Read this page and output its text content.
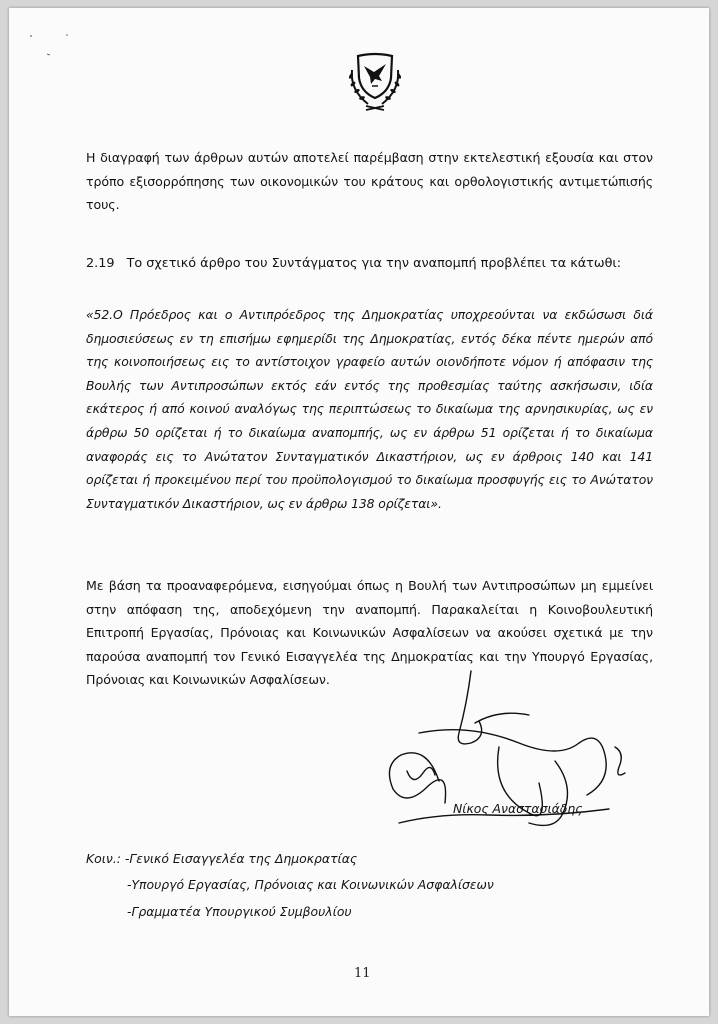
Η διαγραφή των άρθρων αυτών αποτελεί παρέμβαση στην εκτελεστική εξουσία και στον τρόπο εξισορρόπησης των οικονομικών του κράτους και ορθολογιστικής αντιμετώπισής τους.

2.19 Το σχετικό άρθρο του Συντάγματος για την αναπομπή προβλέπει τα κάτωθι:

«52.Ο Πρόεδρος και ο Αντιπρόεδρος της Δημοκρατίας υποχρεούνται να εκδώσωσι διά δημοσιεύσεως εν τη επισήμω εφημερίδι της Δημοκρατίας, εντός δέκα πέντε ημερών από της κοινοποιήσεως εις το αντίστοιχον γραφείο αυτών οιονδήποτε νόμον ή απόφασιν της Βουλής των Αντιπροσώπων εκτός εάν εντός της προθεσμίας ταύτης ασκήσωσιν, ιδία εκάτερος ή από κοινού αναλόγως της περιπτώσεως το δικαίωμα της αρνησικυρίας, ως εν άρθρω 50 ορίζεται ή το δικαίωμα αναπομπής, ως εν άρθρω 51 ορίζεται ή το δικαίωμα αναφοράς εις το Ανώτατον Συνταγματικόν Δικαστήριον, ως εν άρθροις 140 και 141 ορίζεται ή προκειμένου περί του προϋπολογισμού το δικαίωμα προσφυγής εις το Ανώτατον Συνταγματικόν Δικαστήριον, ως εν άρθρω 138 ορίζεται».

Με βάση τα προαναφερόμενα, εισηγούμαι όπως η Βουλή των Αντιπροσώπων μη εμμείνει στην απόφαση της, αποδεχόμενη την αναπομπή. Παρακαλείται η Κοινοβουλευτική Επιτροπή Εργασίας, Πρόνοιας και Κοινωνικών Ασφαλίσεων να ακούσει σχετικά με την παρούσα αναπομπή τον Γενικό Εισαγγελέα της Δημοκρατίας και την Υπουργό Εργασίας, Πρόνοιας και Κοινωνικών Ασφαλίσεων.

Νίκος Αναστασιάδης
Κοιν.: -Γενικό Εισαγγελέα της Δημοκρατίας
-Υπουργό Εργασίας, Πρόνοιας και Κοινωνικών Ασφαλίσεων
-Γραμματέα Υπουργικού Συμβουλίου
11
